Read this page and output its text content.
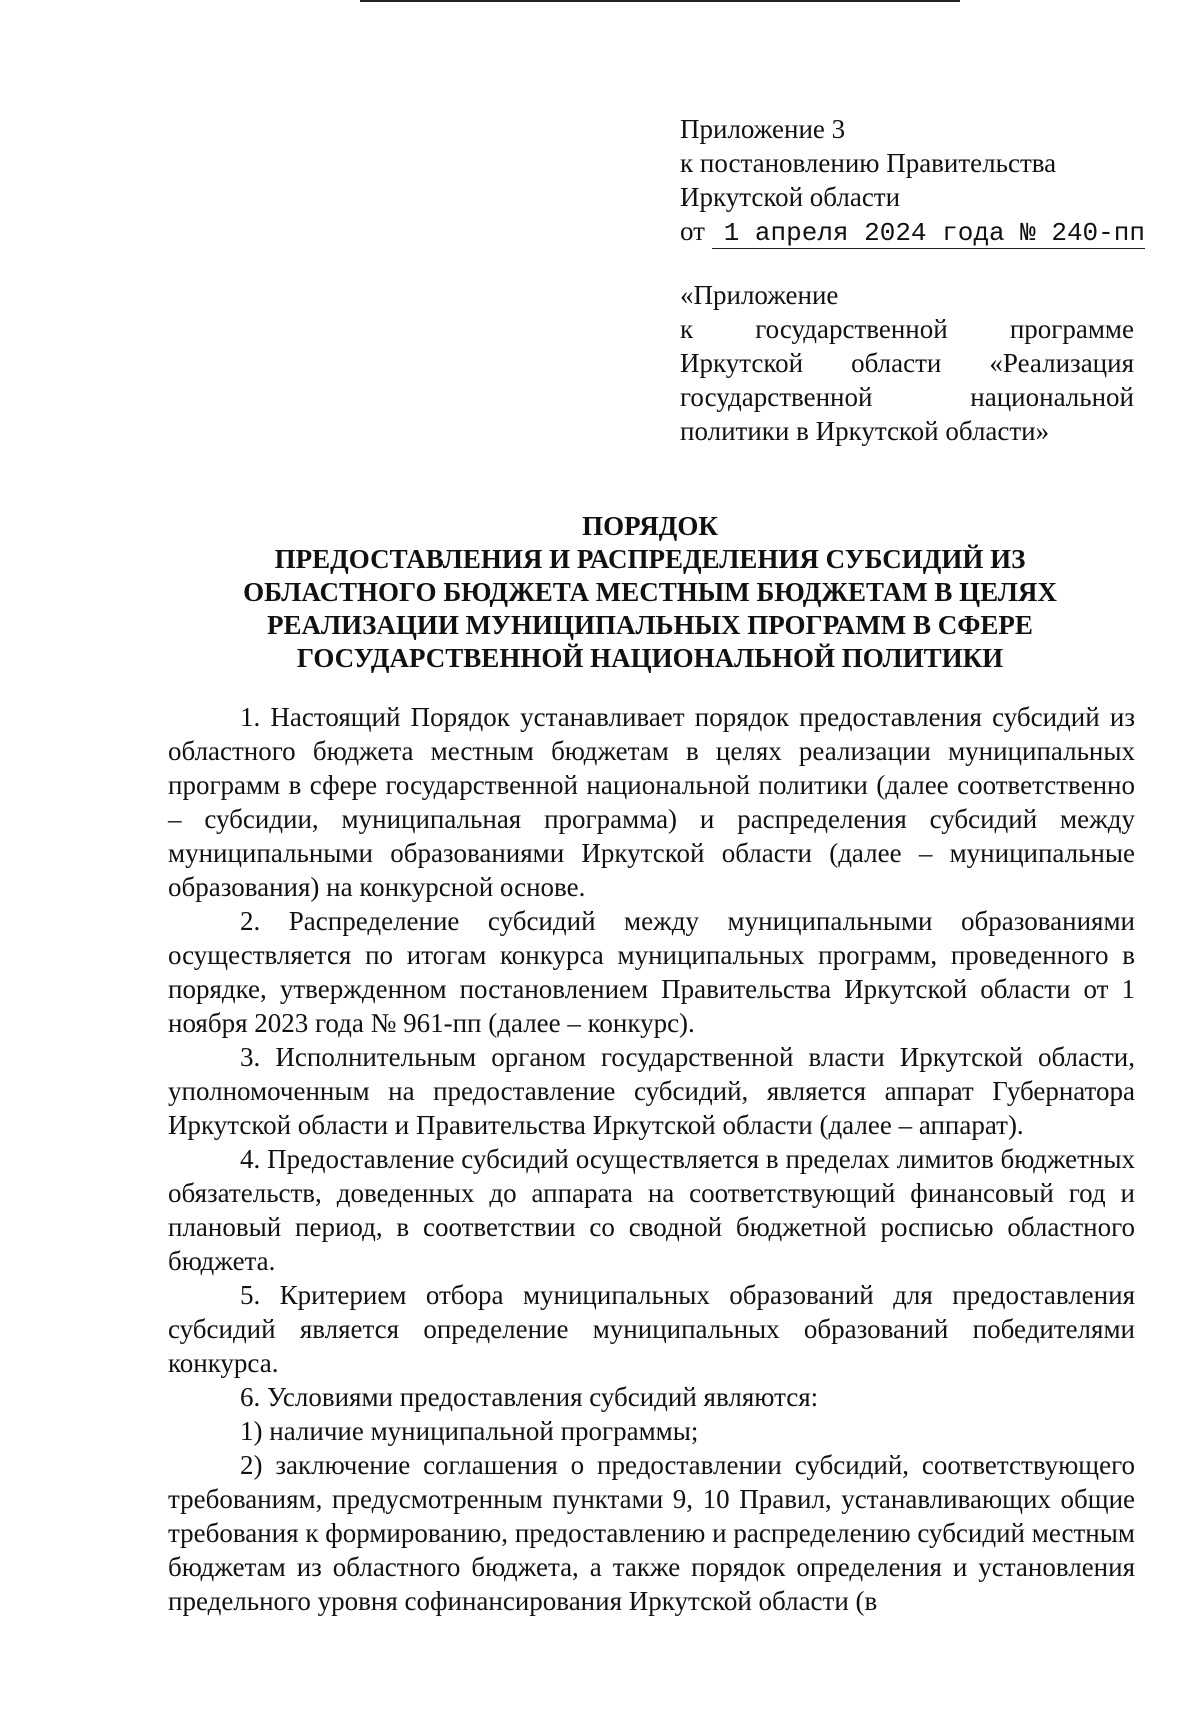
Приложение 3
к постановлению Правительства
Иркутской области
от 1 апреля 2024 года № 240-пп
«Приложение
к государственной программе
Иркутской области «Реализация
государственной национальной
политики в Иркутской области»
ПОРЯДОК
ПРЕДОСТАВЛЕНИЯ И РАСПРЕДЕЛЕНИЯ СУБСИДИЙ ИЗ
ОБЛАСТНОГО БЮДЖЕТА МЕСТНЫМ БЮДЖЕТАМ В ЦЕЛЯХ
РЕАЛИЗАЦИИ МУНИЦИПАЛЬНЫХ ПРОГРАММ В СФЕРЕ
ГОСУДАРСТВЕННОЙ НАЦИОНАЛЬНОЙ ПОЛИТИКИ

1. Настоящий Порядок устанавливает порядок предоставления субсидий из областного бюджета местным бюджетам в целях реализации муниципальных программ в сфере государственной национальной политики (далее соответственно – субсидии, муниципальная программа) и распределения субсидий между муниципальными образованиями Иркутской области (далее – муниципальные образования) на конкурсной основе.

2. Распределение субсидий между муниципальными образованиями осуществляется по итогам конкурса муниципальных программ, проведенного в порядке, утвержденном постановлением Правительства Иркутской области от 1 ноября 2023 года № 961-пп (далее – конкурс).

3. Исполнительным органом государственной власти Иркутской области, уполномоченным на предоставление субсидий, является аппарат Губернатора Иркутской области и Правительства Иркутской области (далее – аппарат).

4. Предоставление субсидий осуществляется в пределах лимитов бюджетных обязательств, доведенных до аппарата на соответствующий финансовый год и плановый период, в соответствии со сводной бюджетной росписью областного бюджета.

5. Критерием отбора муниципальных образований для предоставления субсидий является определение муниципальных образований победителями конкурса.

6. Условиями предоставления субсидий являются:

1) наличие муниципальной программы;

2) заключение соглашения о предоставлении субсидий, соответствующего требованиям, предусмотренным пунктами 9, 10 Правил, устанавливающих общие требования к формированию, предоставлению и распределению субсидий местным бюджетам из областного бюджета, а также порядок определения и установления предельного уровня софинансирования Иркутской области (в
